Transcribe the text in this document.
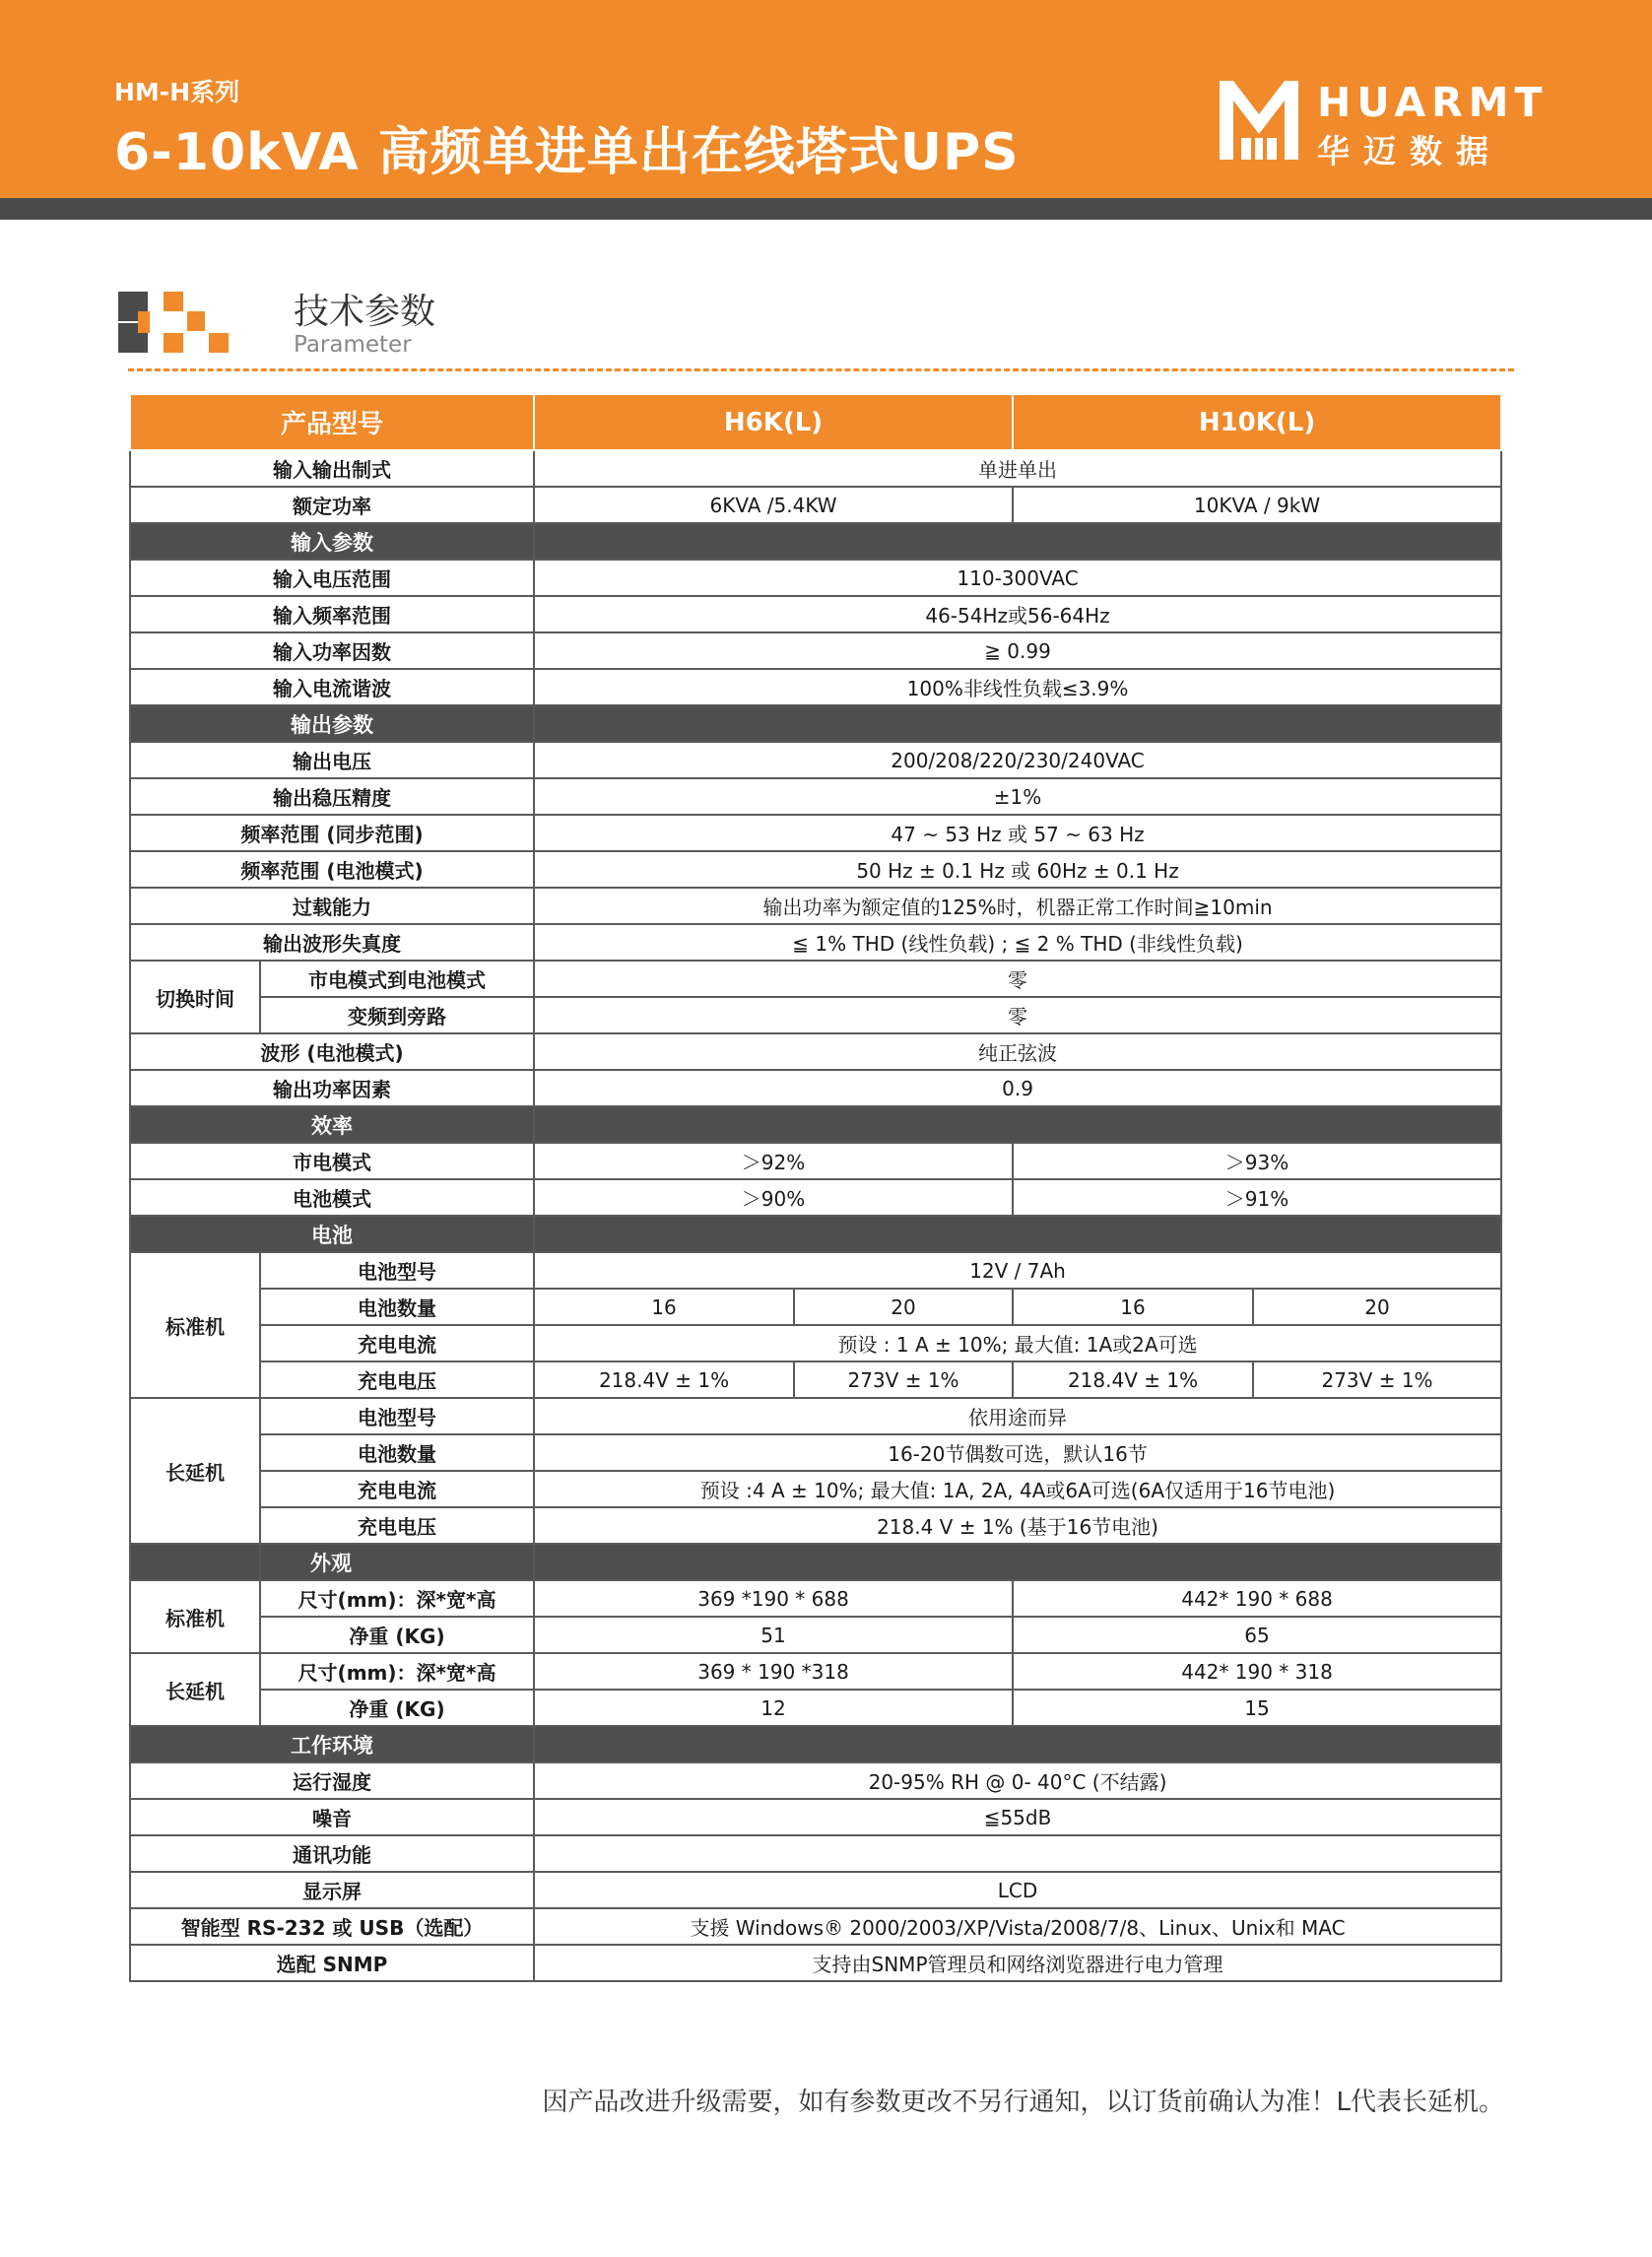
HM-H系列
6-10kVA 高频单进单出在线塔式UPS
HUARMT
华迈数据
技术参数
Parameter
产品型号		H6K(L)		H10K(L)	
输入输出制式		单进单出			
额定功率		6KVA /5.4KW		10KVA / 9kW	
输入参数					
输入电压范围		110-300VAC			
输入频率范围		46-54Hz或56-64Hz			
输入功率因数		≧ 0.99			
输入电流谐波		100%非线性负载≤3.9%			
输出参数					
输出电压		200/208/220/230/240VAC			
输出稳压精度		±1%			
频率范围 (同步范围)		47 ~ 53 Hz 或 57 ~ 63 Hz			
频率范围 (电池模式)		50 Hz ± 0.1 Hz 或 60Hz ± 0.1 Hz			
过载能力		输出功率为额定值的125%时，机器正常工作时间≧10min			
输出波形失真度		≦ 1% THD (线性负载) ; ≦ 2 % THD (非线性负载)			
切换时间	市电模式到电池模式	零			
	变频到旁路	零			
波形 (电池模式)		纯正弦波			
输出功率因素		0.9			
效率					
市电模式		＞92%		＞93%	
电池模式		＞90%		＞91%	
电池					
标准机	电池型号	12V / 7Ah			
	电池数量	16	20	16	20
	充电电流	预设 : 1 A ± 10%; 最大值: 1A或2A可选			
	充电电压	218.4V ± 1%	273V ± 1%	218.4V ± 1%	273V ± 1%
长延机	电池型号	依用途而异			
	电池数量	16-20节偶数可选，默认16节			
	充电电流	预设 :4 A ± 10%; 最大值: 1A, 2A, 4A或6A可选(6A仅适用于16节电池)			
	充电电压	218.4 V ± 1% (基于16节电池)			
	外观				
标准机	尺寸(mm)：深*宽*高	369 *190 * 688		442* 190 * 688	
	净重 (KG)	51		65	
长延机	尺寸(mm)：深*宽*高	369 * 190 *318		442* 190 * 318	
	净重 (KG)	12		15	
工作环境					
运行湿度		20-95% RH @ 0- 40°C (不结露)			
噪音		≦55dB			
通讯功能					
显示屏		LCD			
智能型 RS-232 或 USB（选配）		支援 Windows® 2000/2003/XP/Vista/2008/7/8、Linux、Unix和 MAC			
选配 SNMP		支持由SNMP管理员和网络浏览器进行电力管理			
因产品改进升级需要，如有参数更改不另行通知，以订货前确认为准！L代表长延机。
